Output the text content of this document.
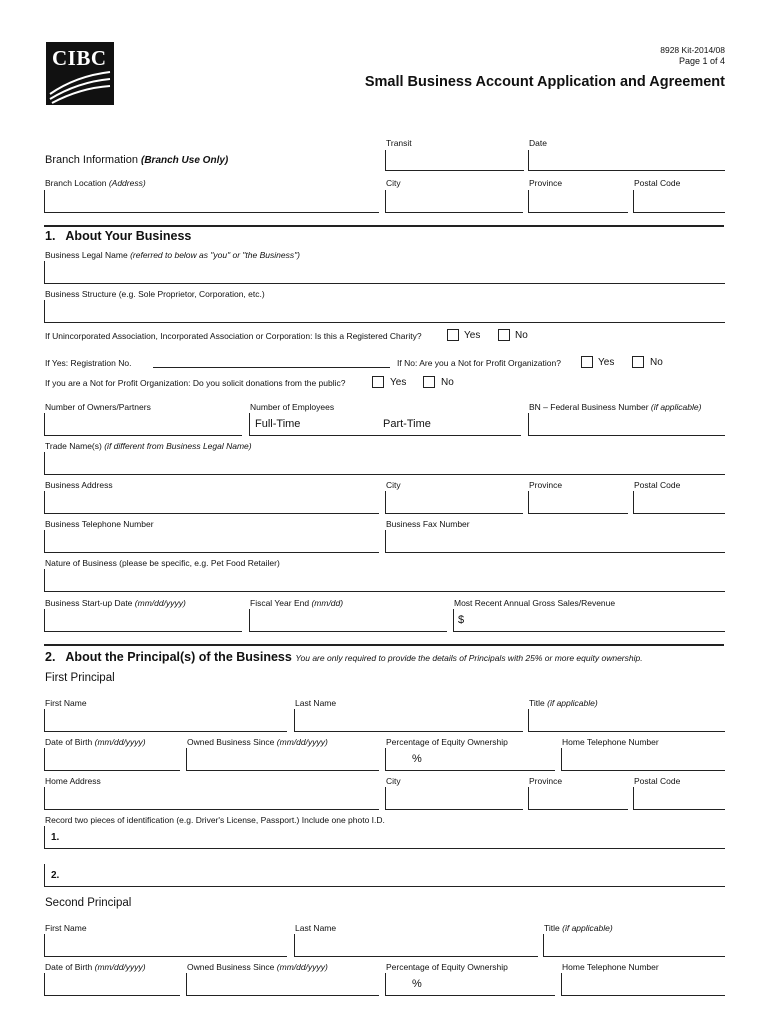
CIBC	8928 Kit-2014/08
Page 1 of 4
Small Business Account Application and Agreement
Transit	Date
Branch Information (Branch Use Only)
Branch Location (Address)	City	Province	Postal Code
1. About Your Business
Business Legal Name (referred to below as "you" or "the Business")
Business Structure (e.g. Sole Proprietor, Corporation, etc.)
If Unincorporated Association, Incorporated Association or Corporation: Is this a Registered Charity?	Yes	No
If Yes: Registration No.	If No: Are you a Not for Profit Organization?	Yes	No
If you are a Not for Profit Organization: Do you solicit donations from the public?	Yes	No
Number of Owners/Partners	Number of Employees	BN – Federal Business Number (if applicable)
Full-Time	Part-Time
Trade Name(s) (if different from Business Legal Name)
Business Address	City	Province	Postal Code
Business Telephone Number	Business Fax Number
Nature of Business (please be specific, e.g. Pet Food Retailer)
Business Start-up Date (mm/dd/yyyy)	Fiscal Year End (mm/dd)	Most Recent Annual Gross Sales/Revenue
$
2. About the Principal(s) of the Business You are only required to provide the details of Principals with 25% or more equity ownership.
First Principal
First Name	Last Name	Title (if applicable)
Date of Birth (mm/dd/yyyy)	Owned Business Since (mm/dd/yyyy)	Percentage of Equity Ownership	Home Telephone Number
%
Home Address	City	Province	Postal Code
Record two pieces of identification (e.g. Driver's License, Passport.) Include one photo I.D.
1.
2.
Second Principal
First Name	Last Name	Title (if applicable)
Date of Birth (mm/dd/yyyy)	Owned Business Since (mm/dd/yyyy)	Percentage of Equity Ownership	Home Telephone Number
%
